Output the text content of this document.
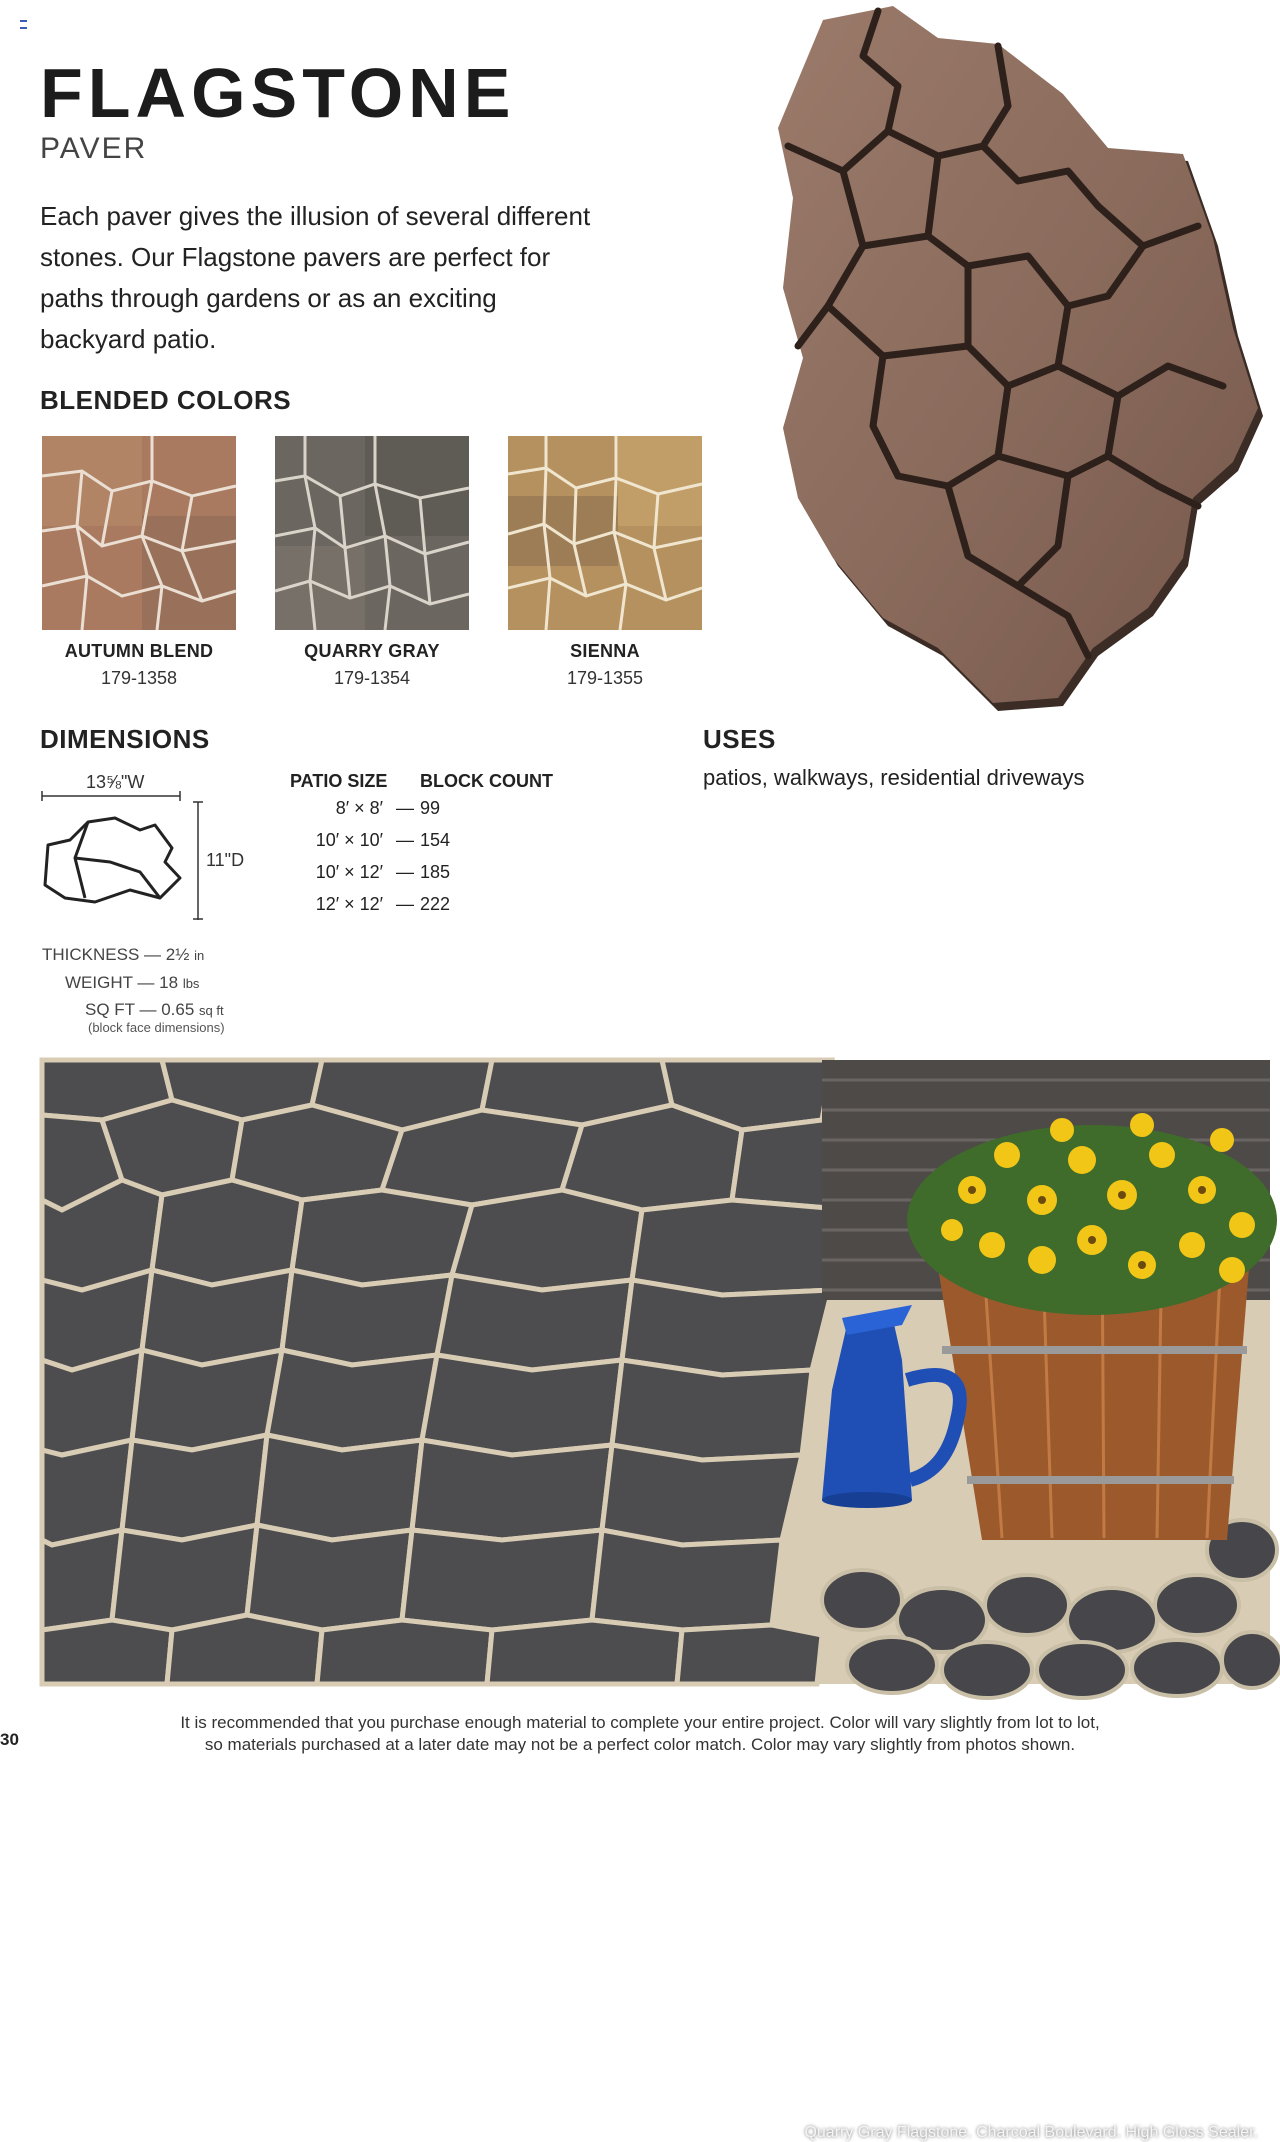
FLAGSTONE
PAVER

Each paver gives the illusion of several different stones. Our Flagstone pavers are perfect for paths through gardens or as an exciting backyard patio.

BLENDED COLORS
AUTUMN BLEND
179-1358
QUARRY GRAY
179-1354
SIENNA
179-1355
DIMENSIONS
13⅝"W
11"D
PATIO SIZE BLOCK COUNT
8′ × 8′ — 99
10′ × 10′ — 154
10′ × 12′ — 185
12′ × 12′ — 222
THICKNESS — 2½ in
WEIGHT — 18 lbs
SQ FT — 0.65 sq ft
(block face dimensions)
USES
patios, walkways, residential driveways
Quarry Gray Flagstone. Charcoal Boulevard. High Gloss Sealer.
It is recommended that you purchase enough material to complete your entire project. Color will vary slightly from lot to lot,
so materials purchased at a later date may not be a perfect color match. Color may vary slightly from photos shown.
30
